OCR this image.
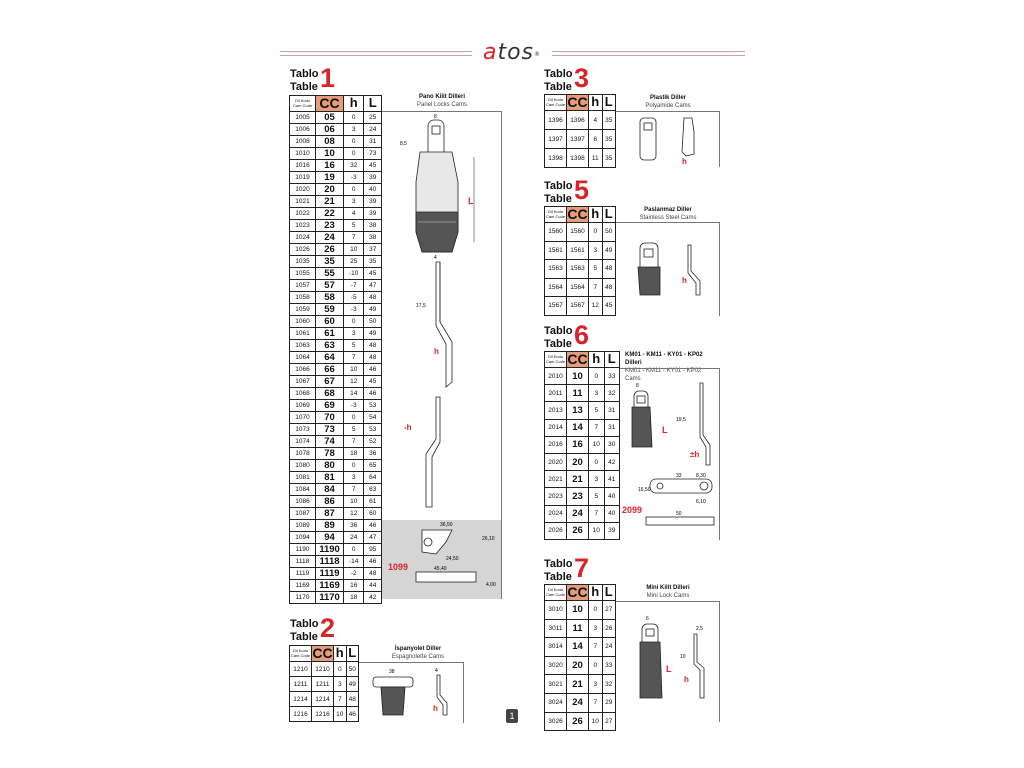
atos®
Tablo
Table 1
Dil Kodu
Cam Code	CC	h	L
1005	05	0	25
1006	06	3	24
1008	08	0	31
1010	10	0	73
1016	16	32	45
1019	19	-3	39
1020	20	0	40
1021	21	3	39
1022	22	4	39
1023	23	5	38
1024	24	7	38
1026	26	10	37
1035	35	25	35
1055	55	-10	45
1057	57	-7	47
1058	58	-5	48
1059	59	-3	49
1060	60	0	50
1061	61	3	49
1063	63	5	48
1064	64	7	48
1066	66	10	46
1067	67	12	45
1068	68	14	46
1069	69	-3	53
1070	70	0	54
1073	73	5	53
1074	74	7	52
1078	78	18	36
1080	80	0	65
1081	81	3	64
1084	84	7	63
1086	86	10	61
1087	87	12	60
1089	89	36	46
1094	94	24	47
1190	1190	0	95
1118	1118	-14	46
1119	1119	-2	48
1169	1169	16	44
1170	1170	18	42
Pano Kilit Dilleri
Panel Locks Cams
8
8,5
L
4
17,5
h
-h
36,50
24,50
26,10
45,40
4,00
1099
Tablo
Table 2
Dil Kodu
Cam Code	CC	h	L
1210	1210	0	50
1211	1211	3	49
1214	1214	7	48
1216	1216	10	46
İspanyolet Diller
Espagnolette Cams
38	4
h
Tablo
Table 3
Dil Kodu
Cam Code	CC	h	L
1396	1396	4	35
1397	1397	6	35
1398	1398	11	35
Plastik Diller
Polyamide Cams
h
Tablo
Table 5
Dil Kodu
Cam Code	CC	h	L
1560	1560	0	50
1561	1561	3	49
1563	1563	5	48
1564	1564	7	48
1567	1567	12	45
Paslanmaz Diller
Stainless Steel Cams
h
Tablo
Table 6
Dil Kodu
Cam Code	CC	h	L
2010	10	0	33
2011	11	3	32
2013	13	5	31
2014	14	7	31
2016	16	10	30
2020	20	0	42
2021	21	3	41
2023	23	5	40
2024	24	7	40
2026	26	10	39
KM01 - KM11 - KY01 - KP02 Dilleri
KM01 - KM11 - KY01 - KP02 Cams
8
19,5
L
±h
33	8,30
16,50
6,10
50
2099
Tablo
Table 7
Dil Kodu
Cam Code	CC	h	L
3010	10	0	27
3011	11	3	26
3014	14	7	24
3020	20	0	33
3021	21	3	32
3024	24	7	29
3026	26	10	27
Mini Kilit Dilleri
Mini Lock Cams
6
2,5
10
L
h
1
